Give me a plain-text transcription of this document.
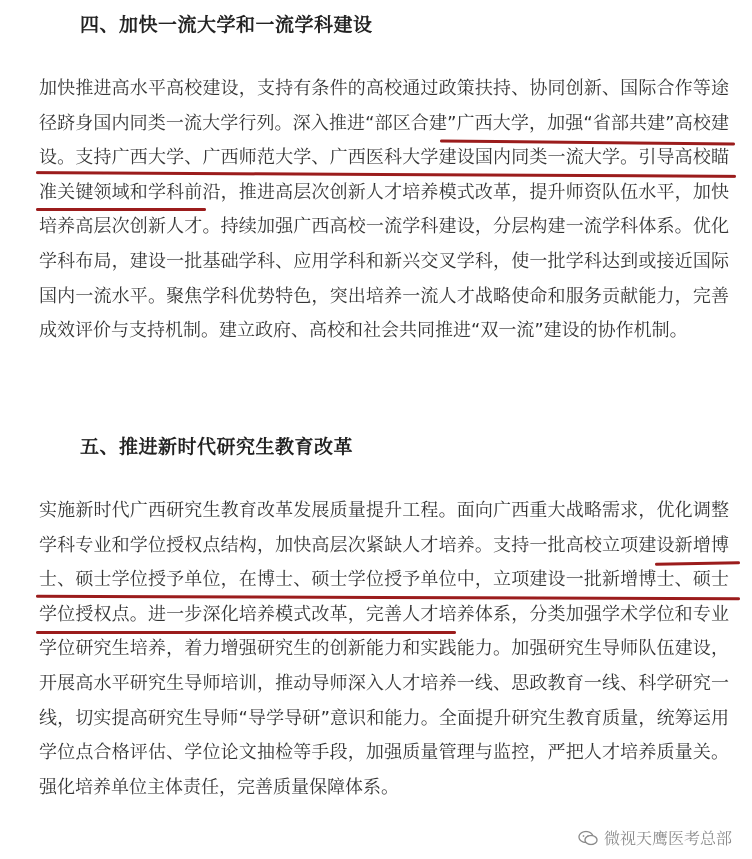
四、加快一流大学和一流学科建设

加快推进高水平高校建设，支持有条件的高校通过政策扶持、协同创新、国际合作等途径跻身国内同类一流大学行列。深入推进“部区合建”广西大学，加强“省部共建”高校建设。支持广西大学、广西师范大学、广西医科大学建设国内同类一流大学。引导高校瞄准关键领域和学科前沿，推进高层次创新人才培养模式改革，提升师资队伍水平，加快培养高层次创新人才。持续加强广西高校一流学科建设，分层构建一流学科体系。优化学科布局，建设一批基础学科、应用学科和新兴交叉学科，使一批学科达到或接近国际国内一流水平。聚焦学科优势特色，突出培养一流人才战略使命和服务贡献能力，完善成效评价与支持机制。建立政府、高校和社会共同推进“双一流”建设的协作机制。

五、推进新时代研究生教育改革

实施新时代广西研究生教育改革发展质量提升工程。面向广西重大战略需求，优化调整学科专业和学位授权点结构，加快高层次紧缺人才培养。支持一批高校立项建设新增博士、硕士学位授予单位，在博士、硕士学位授予单位中，立项建设一批新增博士、硕士学位授权点。进一步深化培养模式改革，完善人才培养体系，分类加强学术学位和专业学位研究生培养，着力增强研究生的创新能力和实践能力。加强研究生导师队伍建设，开展高水平研究生导师培训，推动导师深入人才培养一线、思政教育一线、科学研究一线，切实提高研究生导师“导学导研”意识和能力。全面提升研究生教育质量，统筹运用学位点合格评估、学位论文抽检等手段，加强质量管理与监控，严把人才培养质量关。强化培养单位主体责任，完善质量保障体系。

微视天鹰医考总部
